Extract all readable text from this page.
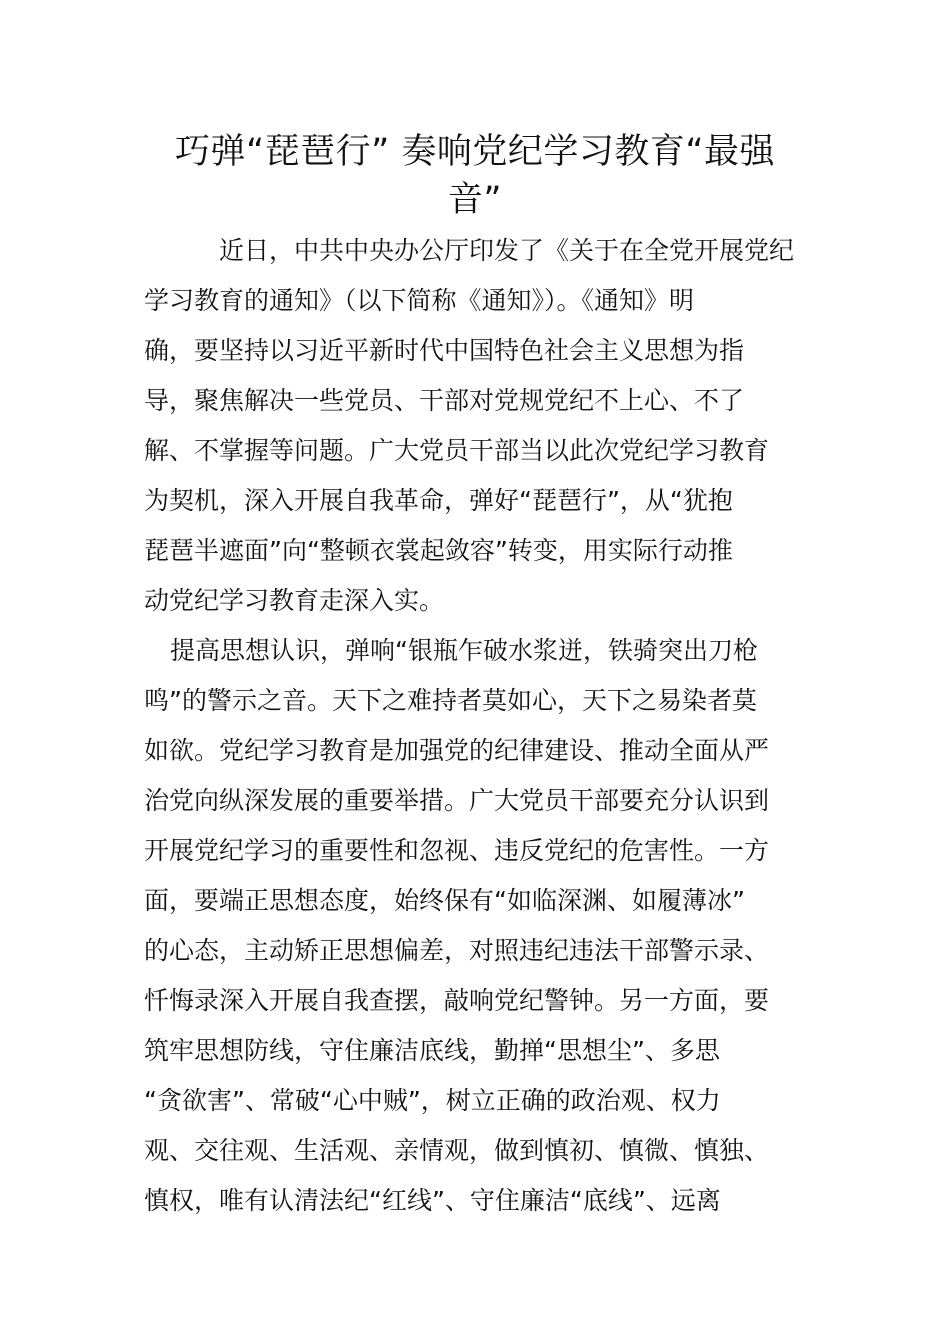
巧弹“琵琶行” 奏响党纪学习教育“最强
音”
近日，中共中央办公厅印发了《关于在全党开展党纪
学习教育的通知》（以下简称《通知》）。《通知》明
确，要坚持以习近平新时代中国特色社会主义思想为指
导，聚焦解决一些党员、干部对党规党纪不上心、不了
解、不掌握等问题。广大党员干部当以此次党纪学习教育
为契机，深入开展自我革命，弹好“琵琶行”，从“犹抱
琵琶半遮面”向“整顿衣裳起敛容”转变，用实际行动推
动党纪学习教育走深入实。
提高思想认识，弹响“银瓶乍破水浆迸，铁骑突出刀枪
鸣”的警示之音。天下之难持者莫如心，天下之易染者莫
如欲。党纪学习教育是加强党的纪律建设、推动全面从严
治党向纵深发展的重要举措。广大党员干部要充分认识到
开展党纪学习的重要性和忽视、违反党纪的危害性。一方
面，要端正思想态度，始终保有“如临深渊、如履薄冰”
的心态，主动矫正思想偏差，对照违纪违法干部警示录、
忏悔录深入开展自我查摆，敲响党纪警钟。另一方面，要
筑牢思想防线，守住廉洁底线，勤掸“思想尘”、多思
“贪欲害”、常破“心中贼”，树立正确的政治观、权力
观、交往观、生活观、亲情观，做到慎初、慎微、慎独、
慎权，唯有认清法纪“红线”、守住廉洁“底线”、远离
